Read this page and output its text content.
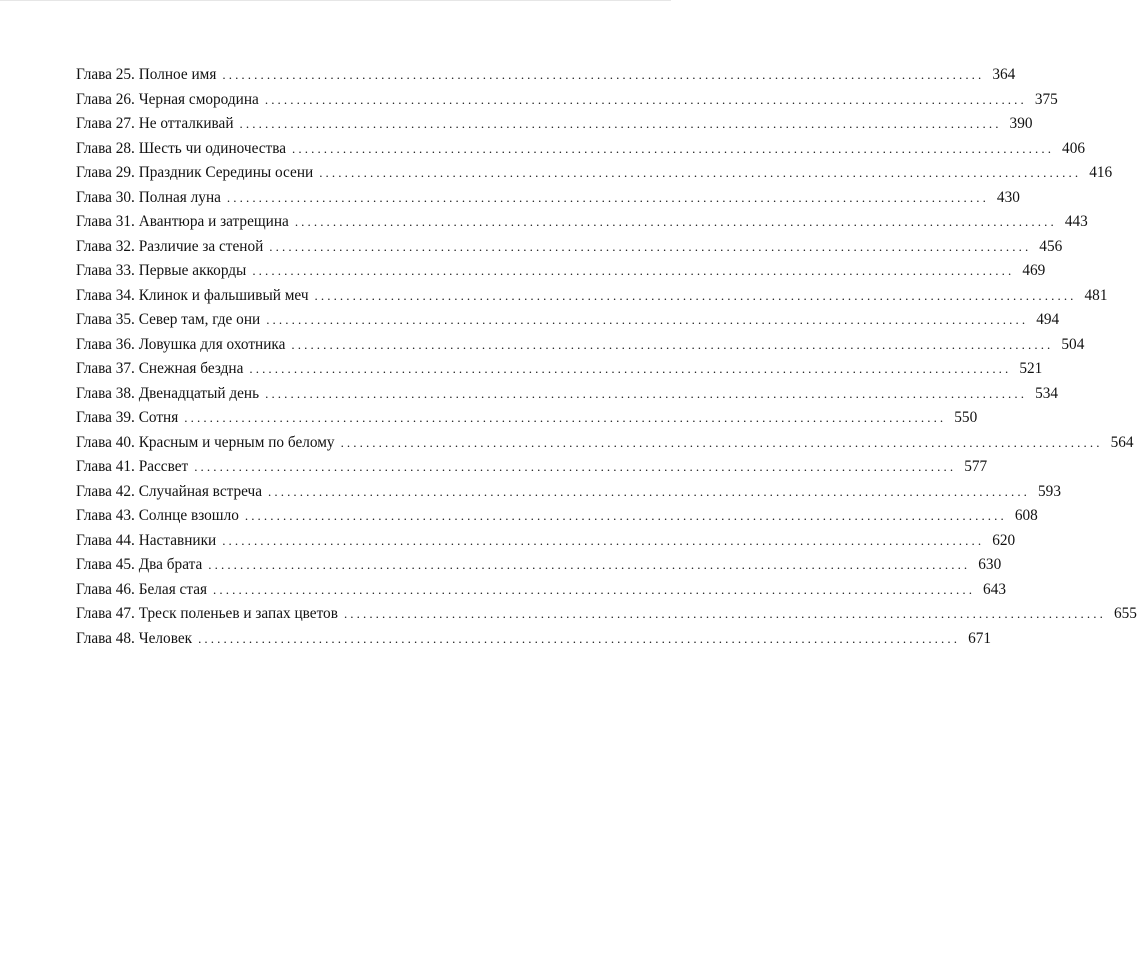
Глава 25. Полное имя ........................................................................................................................ 364
Глава 26. Черная смородина ........................................................................................................................ 375
Глава 27. Не отталкивай ........................................................................................................................ 390
Глава 28. Шесть чи одиночества ........................................................................................................................ 406
Глава 29. Праздник Середины осени ........................................................................................................................ 416
Глава 30. Полная луна ........................................................................................................................ 430
Глава 31. Авантюра и затрещина ........................................................................................................................ 443
Глава 32. Различие за стеной ........................................................................................................................ 456
Глава 33. Первые аккорды ........................................................................................................................ 469
Глава 34. Клинок и фальшивый меч ........................................................................................................................ 481
Глава 35. Север там, где они ........................................................................................................................ 494
Глава 36. Ловушка для охотника ........................................................................................................................ 504
Глава 37. Снежная бездна ........................................................................................................................ 521
Глава 38. Двенадцатый день ........................................................................................................................ 534
Глава 39. Сотня ........................................................................................................................ 550
Глава 40. Красным и черным по белому ........................................................................................................................ 564
Глава 41. Рассвет ........................................................................................................................ 577
Глава 42. Случайная встреча ........................................................................................................................ 593
Глава 43. Солнце взошло ........................................................................................................................ 608
Глава 44. Наставники ........................................................................................................................ 620
Глава 45. Два брата ........................................................................................................................ 630
Глава 46. Белая стая ........................................................................................................................ 643
Глава 47. Треск поленьев и запах цветов ........................................................................................................................ 655
Глава 48. Человек ........................................................................................................................ 671
